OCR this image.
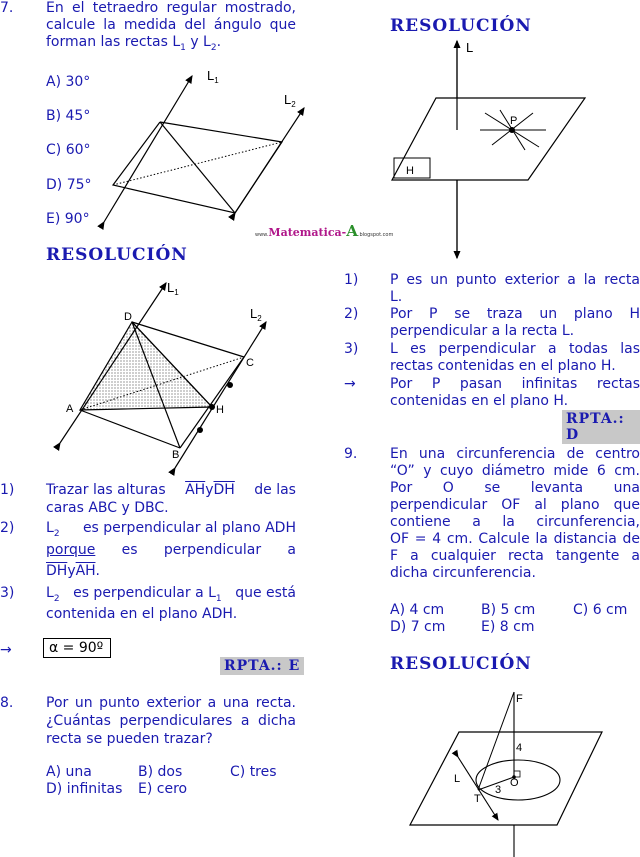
7. En el tetraedro regular mostrado,
calcule la medida del ángulo que
forman las rectas $L_1$ y $L_2$.
A) 30°
B) 45°
C) 60°
D) 75°
E) 90°
$L_1$
$L_2$
www.Matematica-A.blogspot.com
RESOLUCIÓN
D
A
B
C
H
$L_1$
$L_2$
1) Trazar las alturas $\overline{AH}y\overline{DH}$ de las
caras ABC y DBC.
2) $L_2$ es perpendicular al plano ADH
porque es perpendicular a
$\overline{DH}y\overline{AH}$.
3) $L_2$ es perpendicular a $L_1$ que está
contenida en el plano ADH.
→	α = 90º
RPTA.: E
8. Por un punto exterior a una recta.
¿Cuántas perpendiculares a dicha
recta se pueden trazar?
A) una	B) dos	C) tres
D) infinitas E) cero
RESOLUCIÓN
L
P
H
1) P es un punto exterior a la recta
L.
2) Por P se traza un plano H
perpendicular a la recta L.
3) L es perpendicular a todas las
rectas contenidas en el plano H.
→ Por P pasan infinitas rectas
contenidas en el plano H.
RPTA.: D
9. En una circunferencia de centro
“O” y cuyo diámetro mide 6 cm.
Por O se levanta una
perpendicular OF al plano que
contiene a la circunferencia,
OF = 4 cm. Calcule la distancia de
F a cualquier recta tangente a
dicha circunferencia.
A) 4 cm	B) 5 cm	C) 6 cm
D) 7 cm	E) 8 cm
RESOLUCIÓN
F
4
L
T
3
O
